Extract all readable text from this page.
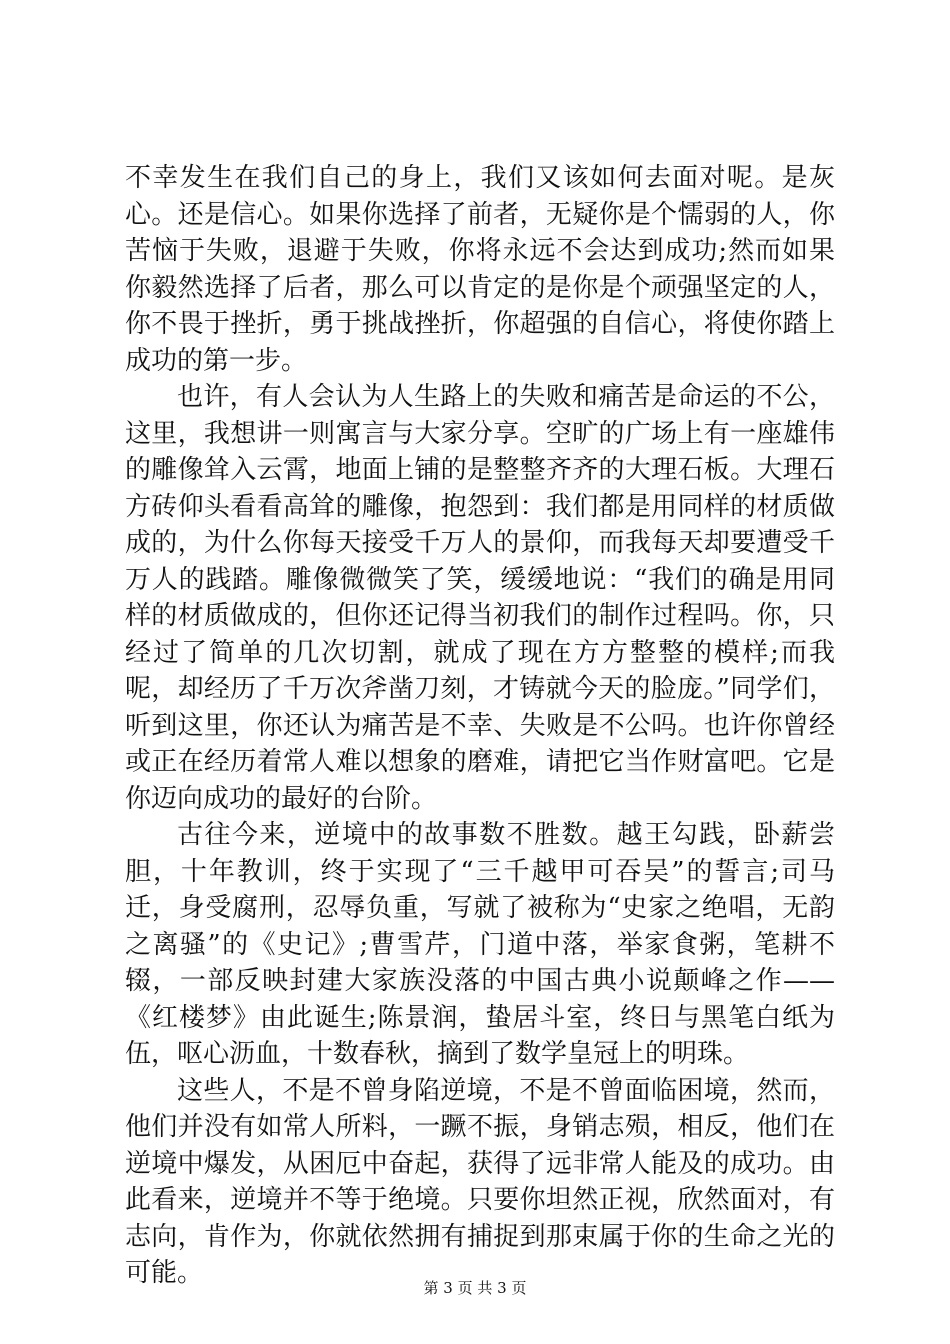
不幸发生在我们自己的身上，我们又该如何去面对呢。是灰心。还是信心。如果你选择了前者，无疑你是个懦弱的人，你苦恼于失败，退避于失败，你将永远不会达到成功;然而如果你毅然选择了后者，那么可以肯定的是你是个顽强坚定的人，你不畏于挫折，勇于挑战挫折，你超强的自信心，将使你踏上成功的第一步。

也许，有人会认为人生路上的失败和痛苦是命运的不公，这里，我想讲一则寓言与大家分享。空旷的广场上有一座雄伟的雕像耸入云霄，地面上铺的是整整齐齐的大理石板。大理石方砖仰头看看高耸的雕像，抱怨到：我们都是用同样的材质做成的，为什么你每天接受千万人的景仰，而我每天却要遭受千万人的践踏。雕像微微笑了笑，缓缓地说：“我们的确是用同样的材质做成的，但你还记得当初我们的制作过程吗。你，只经过了简单的几次切割，就成了现在方方整整的模样;而我呢，却经历了千万次斧凿刀刻，才铸就今天的脸庞。”同学们，听到这里，你还认为痛苦是不幸、失败是不公吗。也许你曾经或正在经历着常人难以想象的磨难，请把它当作财富吧。它是你迈向成功的最好的台阶。

古往今来，逆境中的故事数不胜数。越王勾践，卧薪尝胆，十年教训，终于实现了“三千越甲可吞吴”的誓言;司马迁，身受腐刑，忍辱负重，写就了被称为“史家之绝唱，无韵之离骚”的《史记》;曹雪芹，门道中落，举家食粥，笔耕不辍，一部反映封建大家族没落的中国古典小说颠峰之作——《红楼梦》由此诞生;陈景润，蛰居斗室，终日与黑笔白纸为伍，呕心沥血，十数春秋，摘到了数学皇冠上的明珠。

这些人，不是不曾身陷逆境，不是不曾面临困境，然而，他们并没有如常人所料，一蹶不振，身销志殒，相反，他们在逆境中爆发，从困厄中奋起，获得了远非常人能及的成功。由此看来，逆境并不等于绝境。只要你坦然正视，欣然面对，有志向，肯作为，你就依然拥有捕捉到那束属于你的生命之光的可能。	第 3 页 共 3 页
